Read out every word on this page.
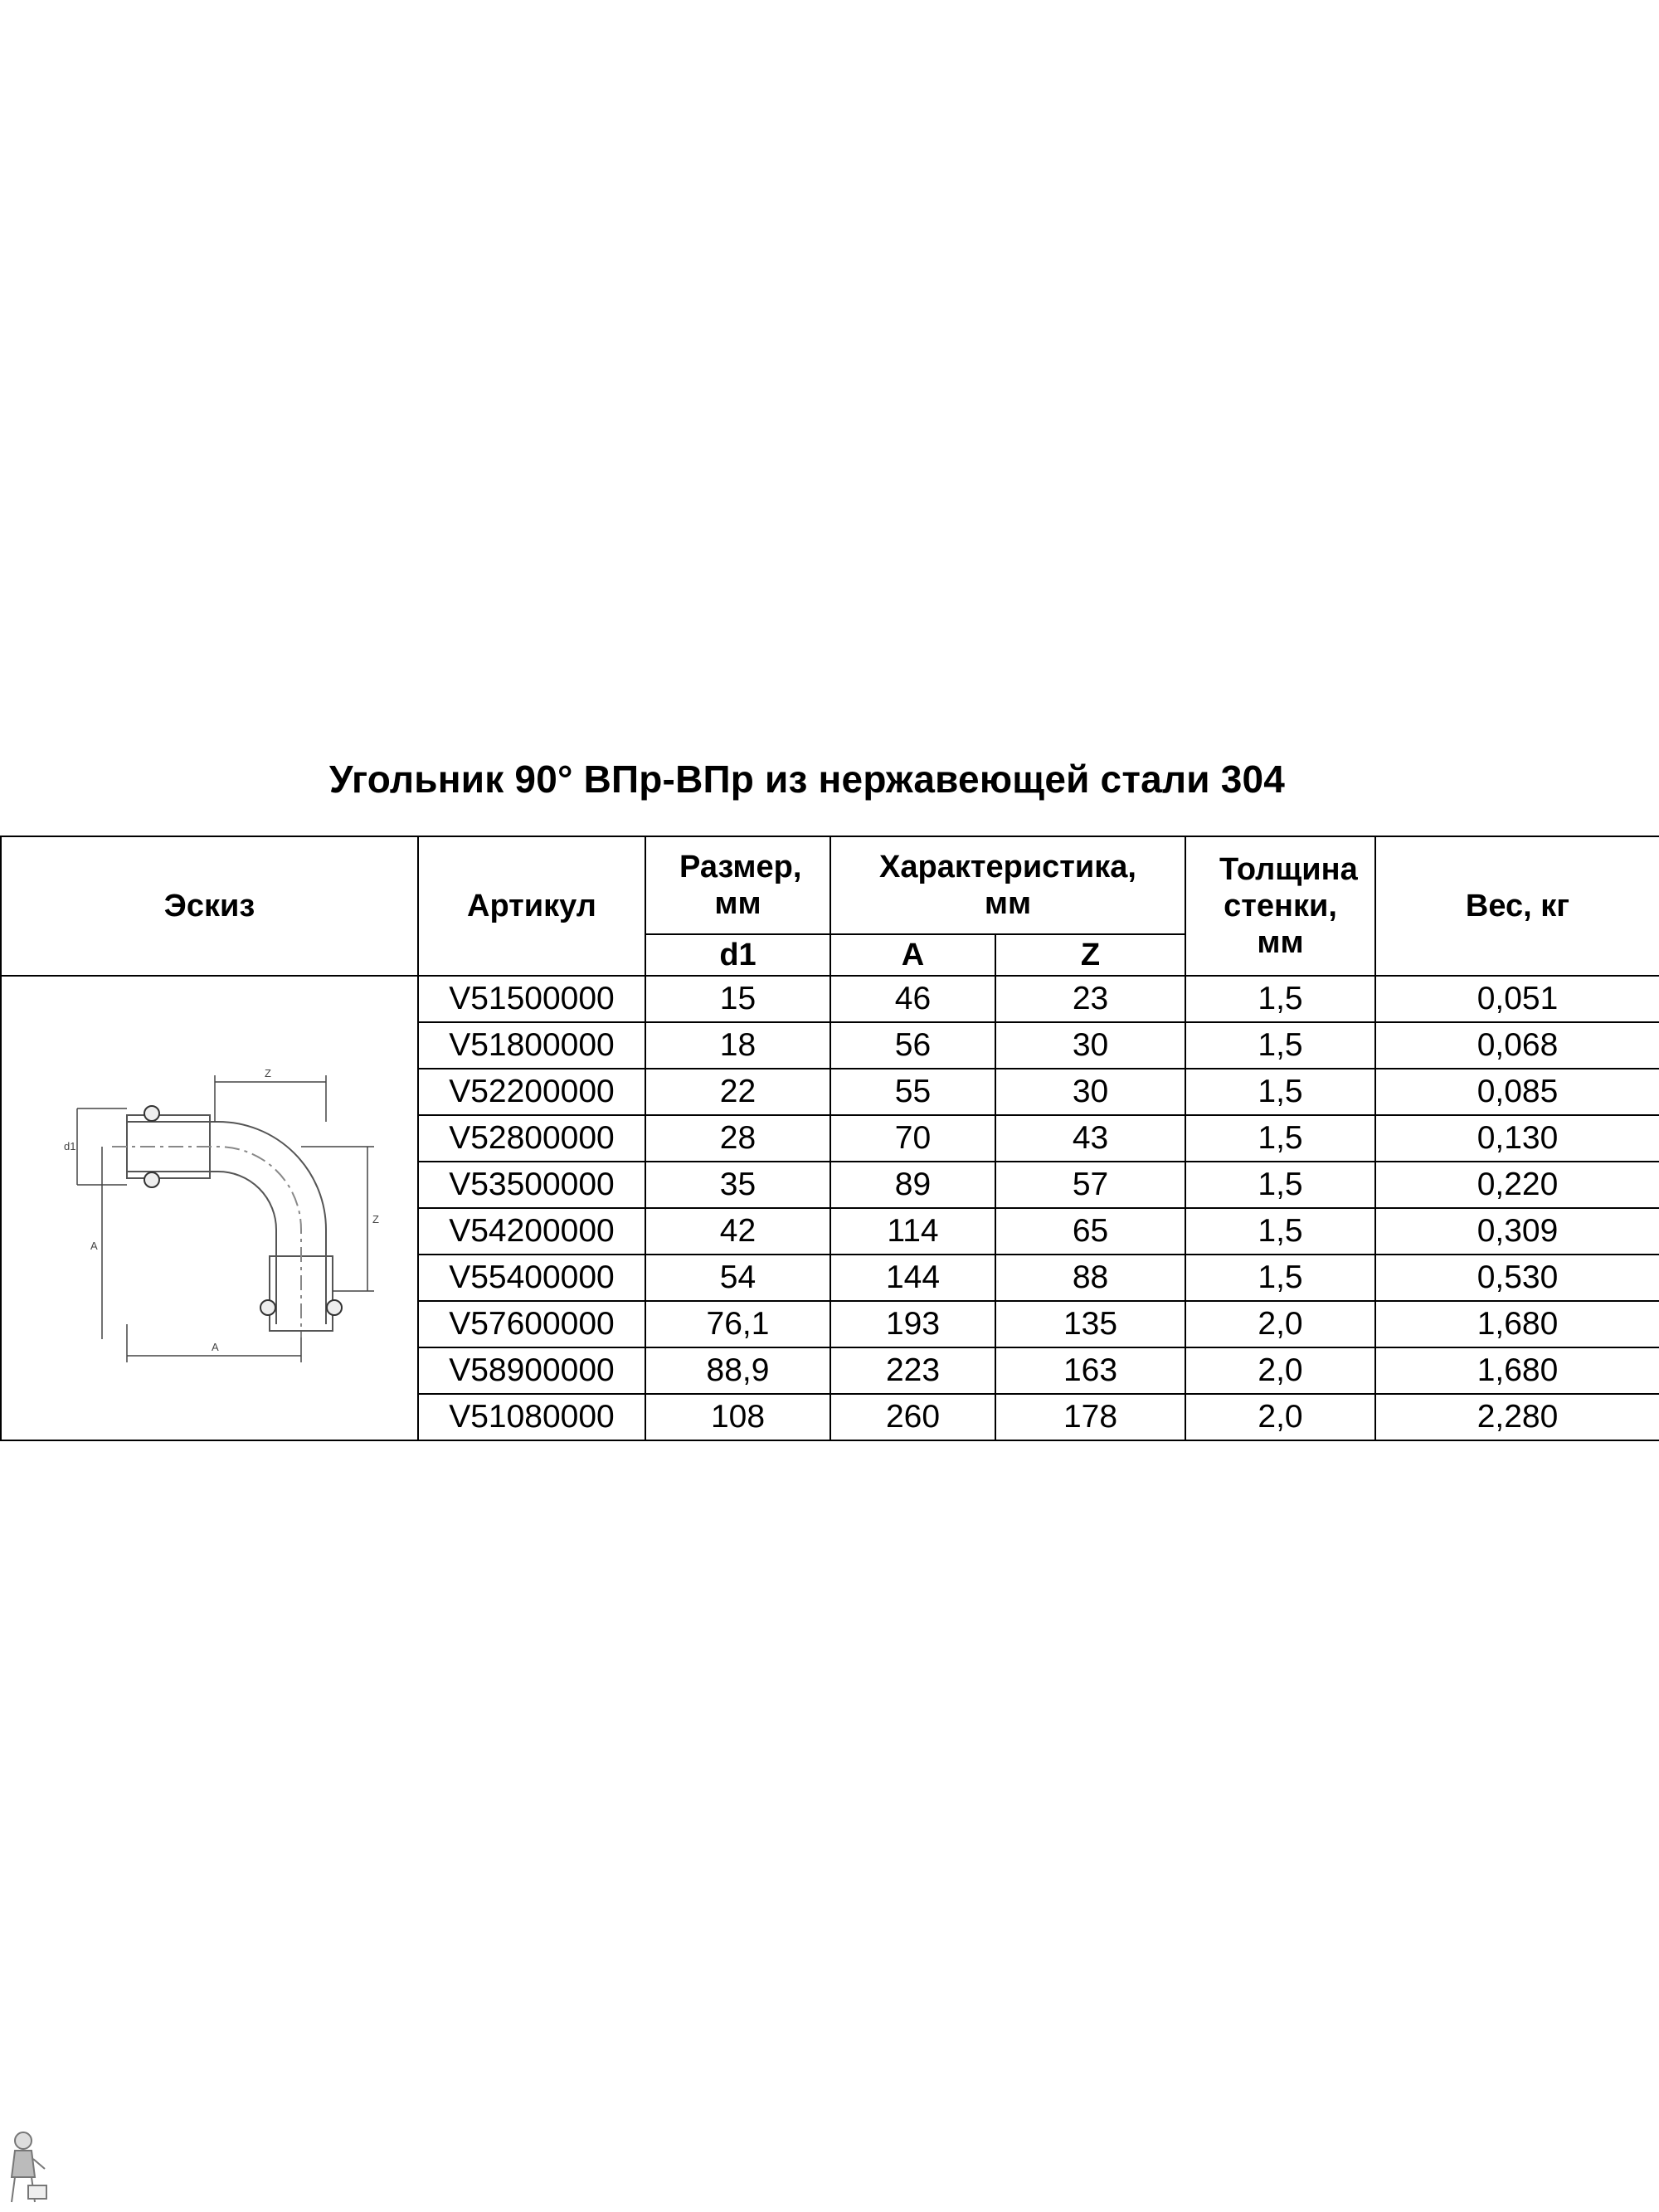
Угольник 90° ВПр-ВПр из нержавеющей стали 304
Эскиз	Артикул	Размер, мм	Характеристика, мм		Толщина стенки, мм	Вес, кг
		d1	A	Z		

Z
Z
d1
A
A	V51500000	15	46	23	1,5	0,051
	V51800000	18	56	30	1,5	0,068
	V52200000	22	55	30	1,5	0,085
	V52800000	28	70	43	1,5	0,130
	V53500000	35	89	57	1,5	0,220
	V54200000	42	114	65	1,5	0,309
	V55400000	54	144	88	1,5	0,530
	V57600000	76,1	193	135	2,0	1,680
	V58900000	88,9	223	163	2,0	1,680
	V51080000	108	260	178	2,0	2,280
